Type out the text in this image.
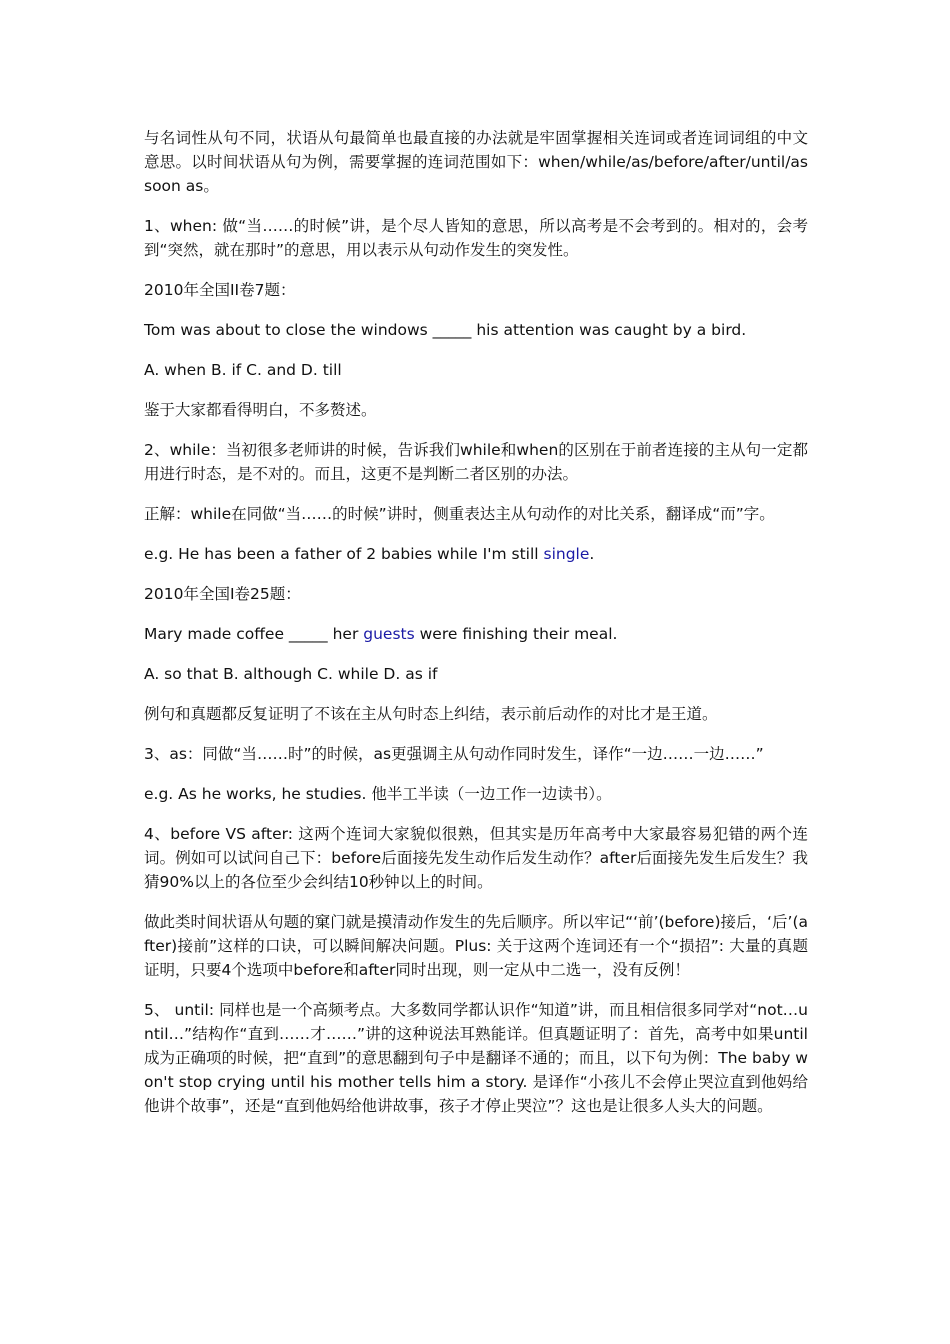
与名词性从句不同，状语从句最简单也最直接的办法就是牢固掌握相关连词或者连词词组的中文意思。以时间状语从句为例，需要掌握的连词范围如下：when/while/as/before/after/until/as soon as。

1、when: 做“当……的时候”讲，是个尽人皆知的意思，所以高考是不会考到的。相对的，会考到“突然，就在那时”的意思，用以表示从句动作发生的突发性。

2010年全国II卷7题：

Tom was about to close the windows _____ his attention was caught by a bird.

A. when B. if C. and D. till

鉴于大家都看得明白，不多赘述。

2、while：当初很多老师讲的时候，告诉我们while和when的区别在于前者连接的主从句一定都用进行时态，是不对的。而且，这更不是判断二者区别的办法。

正解：while在同做“当……的时候”讲时，侧重表达主从句动作的对比关系，翻译成“而”字。

e.g. He has been a father of 2 babies while I'm still single.

2010年全国I卷25题：

Mary made coffee _____ her guests were finishing their meal.

A. so that B. although C. while D. as if

例句和真题都反复证明了不该在主从句时态上纠结，表示前后动作的对比才是王道。

3、as：同做“当……时”的时候，as更强调主从句动作同时发生，译作“一边……一边……”

e.g. As he works, he studies. 他半工半读（一边工作一边读书）。

4、before VS after: 这两个连词大家貌似很熟，但其实是历年高考中大家最容易犯错的两个连词。例如可以试问自己下：before后面接先发生动作后发生动作？after后面接先发生后发生？我猜90%以上的各位至少会纠结10秒钟以上的时间。

做此类时间状语从句题的窠门就是摸清动作发生的先后顺序。所以牢记“‘前’(before)接后，‘后’(after)接前”这样的口诀，可以瞬间解决问题。Plus: 关于这两个连词还有一个“损招”: 大量的真题证明，只要4个选项中before和after同时出现，则一定从中二选一，没有反例！

5、 until: 同样也是一个高频考点。大多数同学都认识作“知道”讲，而且相信很多同学对“not…until…”结构作“直到……才……”讲的这种说法耳熟能详。但真题证明了：首先，高考中如果until成为正确项的时候，把“直到”的意思翻到句子中是翻译不通的；而且，以下句为例：The baby won't stop crying until his mother tells him a story. 是译作“小孩儿不会停止哭泣直到他妈给他讲个故事”，还是“直到他妈给他讲故事，孩子才停止哭泣”？这也是让很多人头大的问题。
